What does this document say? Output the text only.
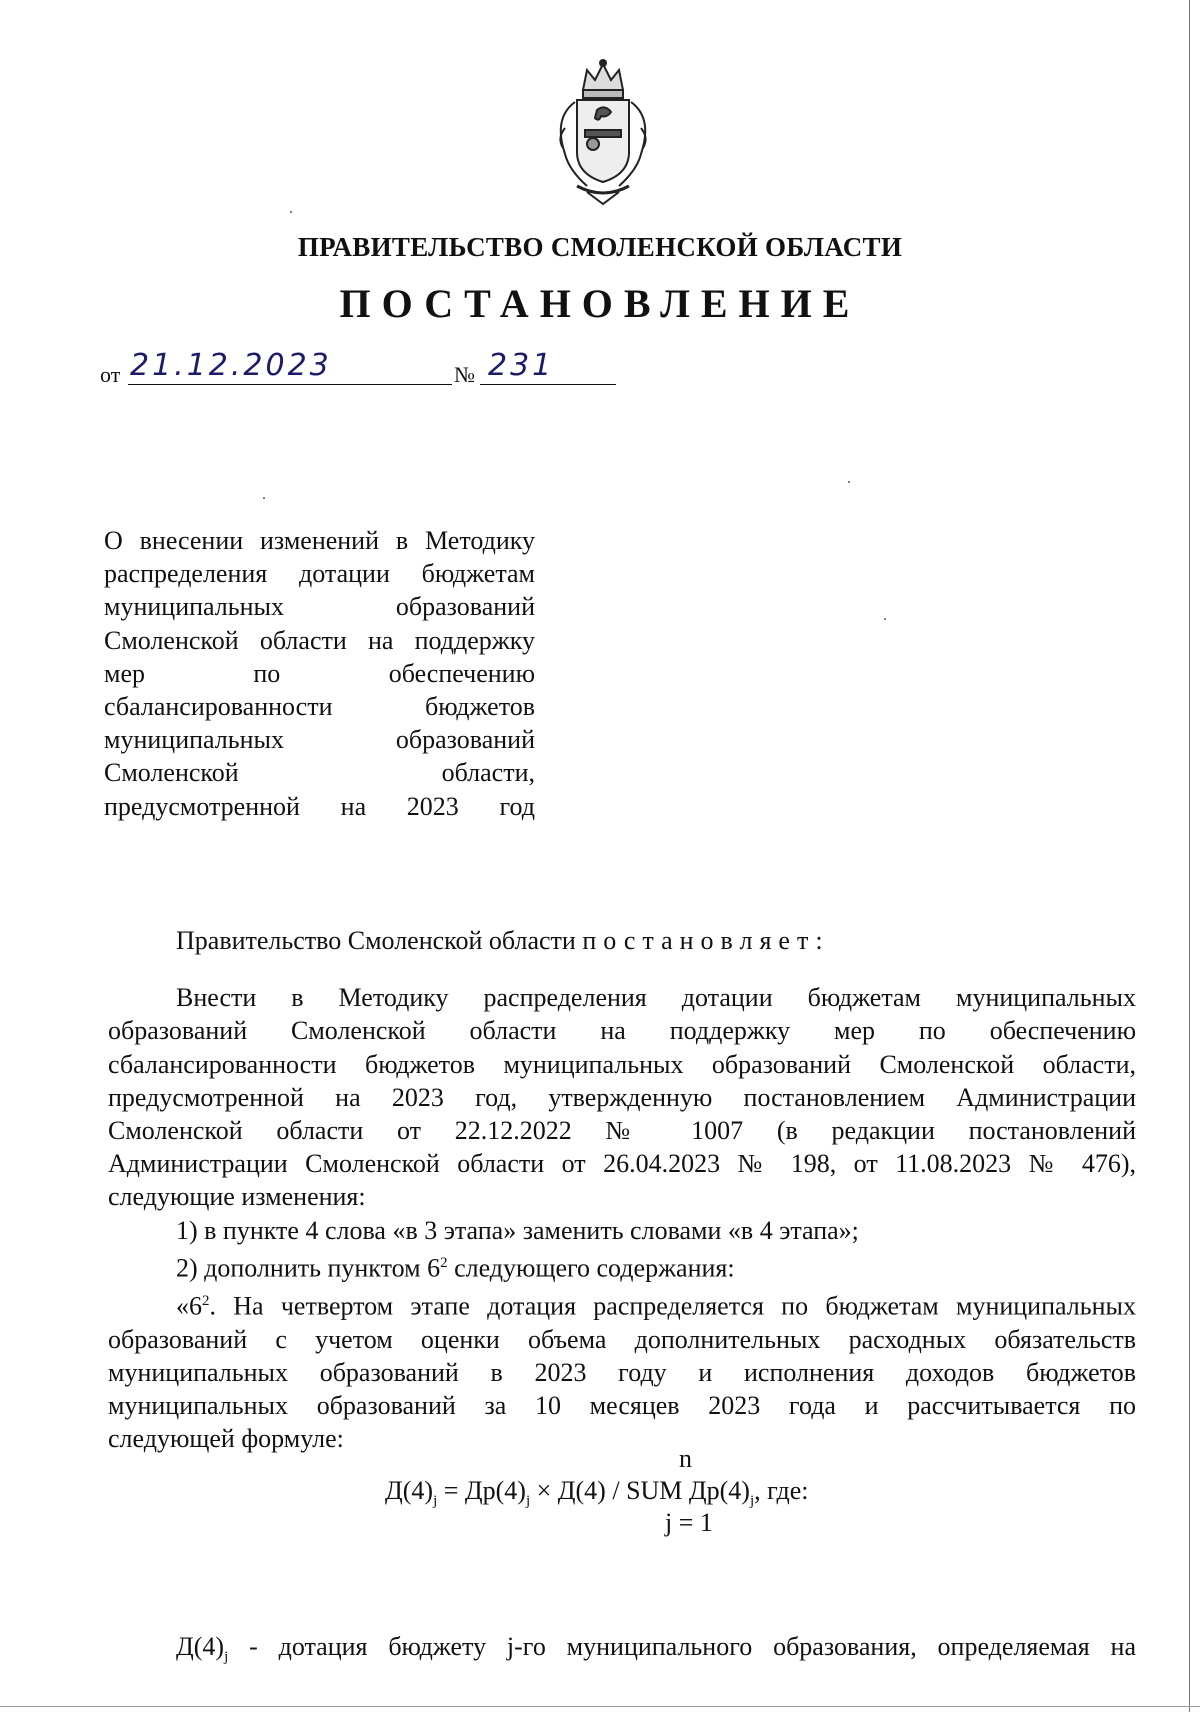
ПРАВИТЕЛЬСТВО СМОЛЕНСКОЙ ОБЛАСТИ
ПОСТАНОВЛЕНИЕ
от 21.12.2023	№ 231
О внесении изменений в Методику
распределения дотации бюджетам
муниципальных образований
Смоленской области на поддержку
мер по обеспечению
сбалансированности бюджетов
муниципальных образований
Смоленской области,
предусмотренной на 2023 год

Правительство Смоленской области постановляет:

Внести в Методику распределения дотации бюджетам муниципальных

образований Смоленской области на поддержку мер по обеспечению

сбалансированности бюджетов муниципальных образований Смоленской области,

предусмотренной на 2023 год, утвержденную постановлением Администрации

Смоленской области от 22.12.2022 № 1007 (в редакции постановлений

Администрации Смоленской области от 26.04.2023 № 198, от 11.08.2023 № 476),

следующие изменения:

1) в пункте 4 слова «в 3 этапа» заменить словами «в 4 этапа»;

2) дополнить пунктом $6^2$ следующего содержания:

«$6^2$. На четвертом этапе дотация распределяется по бюджетам муниципальных

образований с учетом оценки объема дополнительных расходных обязательств

муниципальных образований в 2023 году и исполнения доходов бюджетов

муниципальных образований за 10 месяцев 2023 года и рассчитывается по

следующей формуле:

n
$Д(4)_j = Др(4)_j \times Д(4)$ / SUM $Др(4)_j$, где:
j = 1
$Д(4)_j$ - дотация бюджету j-го муниципального образования, определяемая на
